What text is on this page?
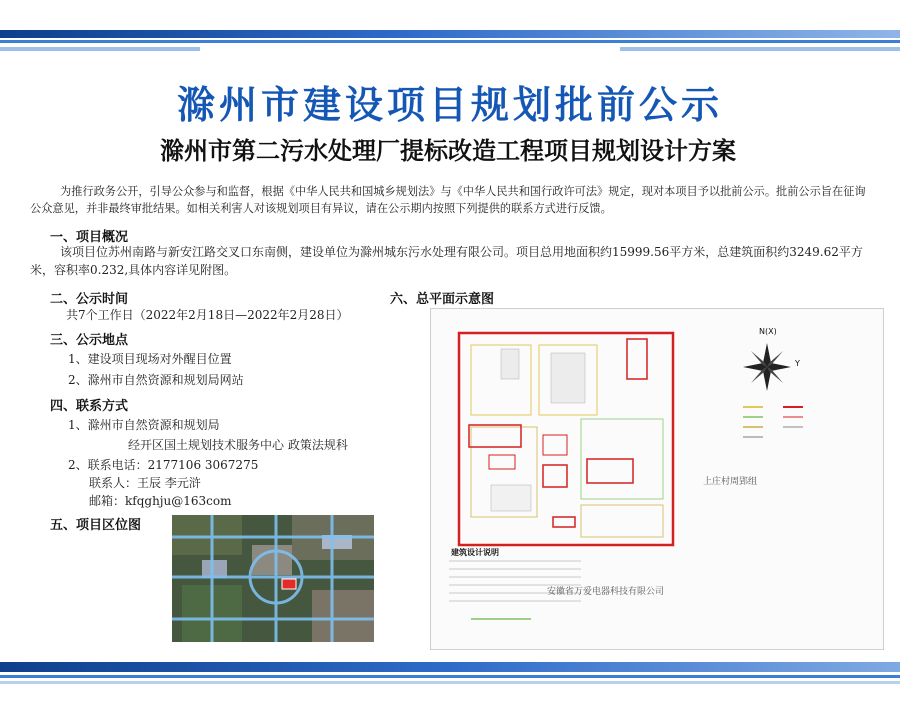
滁州市建设项目规划批前公示
滁州市第二污水处理厂提标改造工程项目规划设计方案
为推行政务公开，引导公众参与和监督，根据《中华人民共和国城乡规划法》与《中华人民共和国行政许可法》规定，现对本项目予以批前公示。批前公示旨在征询公众意见，并非最终审批结果。如相关利害人对该规划项目有异议，请在公示期内按照下列提供的联系方式进行反馈。
一、项目概况
该项目位苏州南路与新安江路交叉口东南侧，建设单位为滁州城东污水处理有限公司。项目总用地面积约15999.56平方米，总建筑面积约3249.62平方米，容积率0.232,具体内容详见附图。
二、公示时间
共7个工作日（2022年2月18日—2022年2月28日）
三、公示地点
1、建设项目现场对外醒目位置
2、滁州市自然资源和规划局网站
四、联系方式
1、滁州市自然资源和规划局
经开区国土规划技术服务中心 政策法规科
2、联系电话：2177106 3067275
联系人：王辰 李元浒
邮箱：kfqghju@163com
五、项目区位图
六、总平面示意图
N(X)
Y
上庄村周郢组
安徽省万爱电器科技有限公司
建筑设计说明
